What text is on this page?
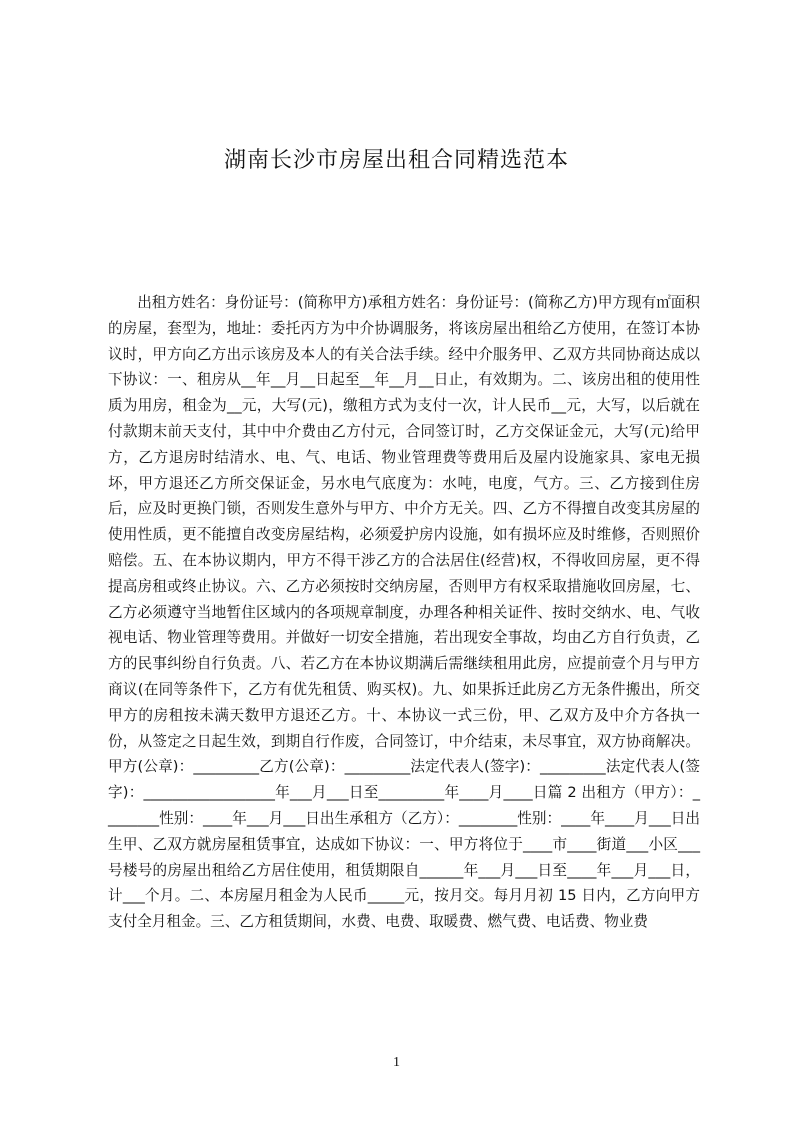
湖南长沙市房屋出租合同精选范本

出租方姓名：身份证号：(简称甲方)承租方姓名：身份证号：(简称乙方)甲方现有㎡面积的房屋，套型为，地址：委托丙方为中介协调服务，将该房屋出租给乙方使用，在签订本协议时，甲方向乙方出示该房及本人的有关合法手续。经中介服务甲、乙双方共同协商达成以下协议：一、租房从__年__月__日起至__年__月__日止，有效期为。二、该房出租的使用性质为用房，租金为__元，大写(元)，缴租方式为支付一次，计人民币__元，大写，以后就在付款期末前天支付，其中中介费由乙方付元，合同签订时，乙方交保证金元，大写(元)给甲方，乙方退房时结清水、电、气、电话、物业管理费等费用后及屋内设施家具、家电无损坏，甲方退还乙方所交保证金，另水电气底度为：水吨，电度，气方。三、乙方接到住房后，应及时更换门锁，否则发生意外与甲方、中介方无关。四、乙方不得擅自改变其房屋的使用性质，更不能擅自改变房屋结构，必须爱护房内设施，如有损坏应及时维修，否则照价赔偿。五、在本协议期内，甲方不得干涉乙方的合法居住(经营)权，不得收回房屋，更不得提高房租或终止协议。六、乙方必须按时交纳房屋，否则甲方有权采取措施收回房屋，七、乙方必须遵守当地暂住区域内的各项规章制度，办理各种相关证件、按时交纳水、电、气收视电话、物业管理等费用。并做好一切安全措施，若出现安全事故，均由乙方自行负责，乙方的民事纠纷自行负责。八、若乙方在本协议期满后需继续租用此房，应提前壹个月与甲方商议(在同等条件下，乙方有优先租赁、购买权)。九、如果拆迁此房乙方无条件搬出，所交甲方的房租按未满天数甲方退还乙方。十、本协议一式三份，甲、乙双方及中介方各执一份，从签定之日起生效，到期自行作废，合同签订，中介结束，未尽事宜，双方协商解决。甲方(公章)：_________乙方(公章)：_________法定代表人(签字)：_________法定代表人(签字)：__________________年___月___日至_________年____月____日篇 2 出租方（甲方）：________性别：____年___月___日出生承租方（乙方）：________性别：____年____月___日出生甲、乙双方就房屋租赁事宜，达成如下协议：一、甲方将位于____市____街道___小区___号楼号的房屋出租给乙方居住使用，租赁期限自______年___月___日至____年___月___日，计___个月。二、本房屋月租金为人民币_____元，按月交。每月月初 15 日内，乙方向甲方支付全月租金。三、乙方租赁期间，水费、电费、取暖费、燃气费、电话费、物业费

1
